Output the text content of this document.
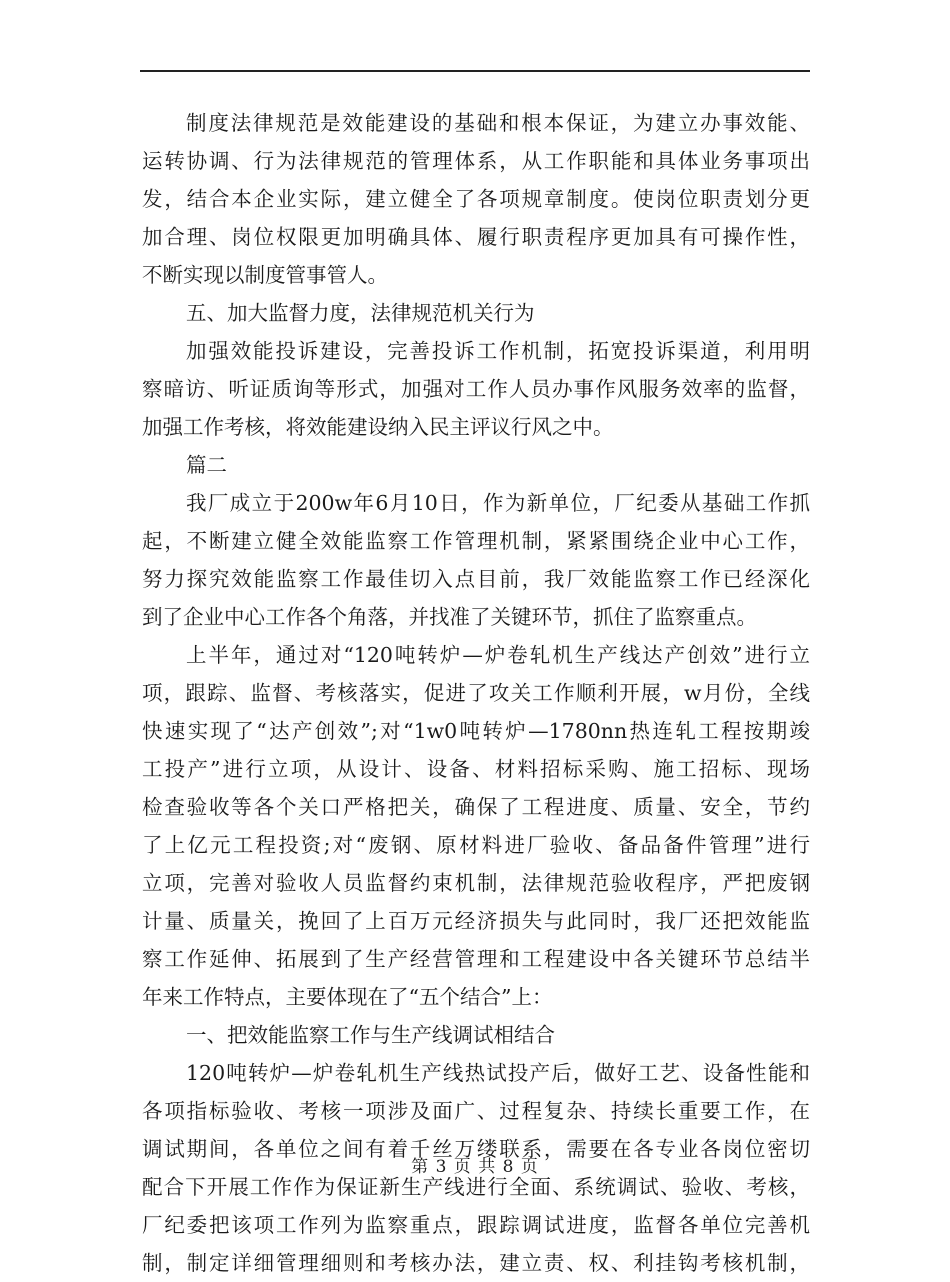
制度法律规范是效能建设的基础和根本保证，为建立办事效能、
运转协调、行为法律规范的管理体系，从工作职能和具体业务事项出
发，结合本企业实际，建立健全了各项规章制度。使岗位职责划分更
加合理、岗位权限更加明确具体、履行职责程序更加具有可操作性，
不断实现以制度管事管人。
五、加大监督力度，法律规范机关行为
加强效能投诉建设，完善投诉工作机制，拓宽投诉渠道，利用明
察暗访、听证质询等形式，加强对工作人员办事作风服务效率的监督，
加强工作考核，将效能建设纳入民主评议行风之中。
篇二
我厂成立于200w年6月10日，作为新单位，厂纪委从基础工作抓
起，不断建立健全效能监察工作管理机制，紧紧围绕企业中心工作，
努力探究效能监察工作最佳切入点目前，我厂效能监察工作已经深化
到了企业中心工作各个角落，并找准了关键环节，抓住了监察重点。
上半年，通过对“120吨转炉—炉卷轧机生产线达产创效”进行立
项，跟踪、监督、考核落实，促进了攻关工作顺利开展，w月份，全线
快速实现了“达产创效”;对“1w0吨转炉—1780nn热连轧工程按期竣
工投产”进行立项，从设计、设备、材料招标采购、施工招标、现场
检查验收等各个关口严格把关，确保了工程进度、质量、安全，节约
了上亿元工程投资;对“废钢、原材料进厂验收、备品备件管理”进行
立项，完善对验收人员监督约束机制，法律规范验收程序，严把废钢
计量、质量关，挽回了上百万元经济损失与此同时，我厂还把效能监
察工作延伸、拓展到了生产经营管理和工程建设中各关键环节总结半
年来工作特点，主要体现在了“五个结合”上：
一、把效能监察工作与生产线调试相结合
120吨转炉—炉卷轧机生产线热试投产后，做好工艺、设备性能和
各项指标验收、考核一项涉及面广、过程复杂、持续长重要工作，在
调试期间，各单位之间有着千丝万缕联系，需要在各专业各岗位密切
配合下开展工作作为保证新生产线进行全面、系统调试、验收、考核，
厂纪委把该项工作列为监察重点，跟踪调试进度，监督各单位完善机
制，制定详细管理细则和考核办法，建立责、权、利挂钩考核机制，
第 3 页 共 8 页
